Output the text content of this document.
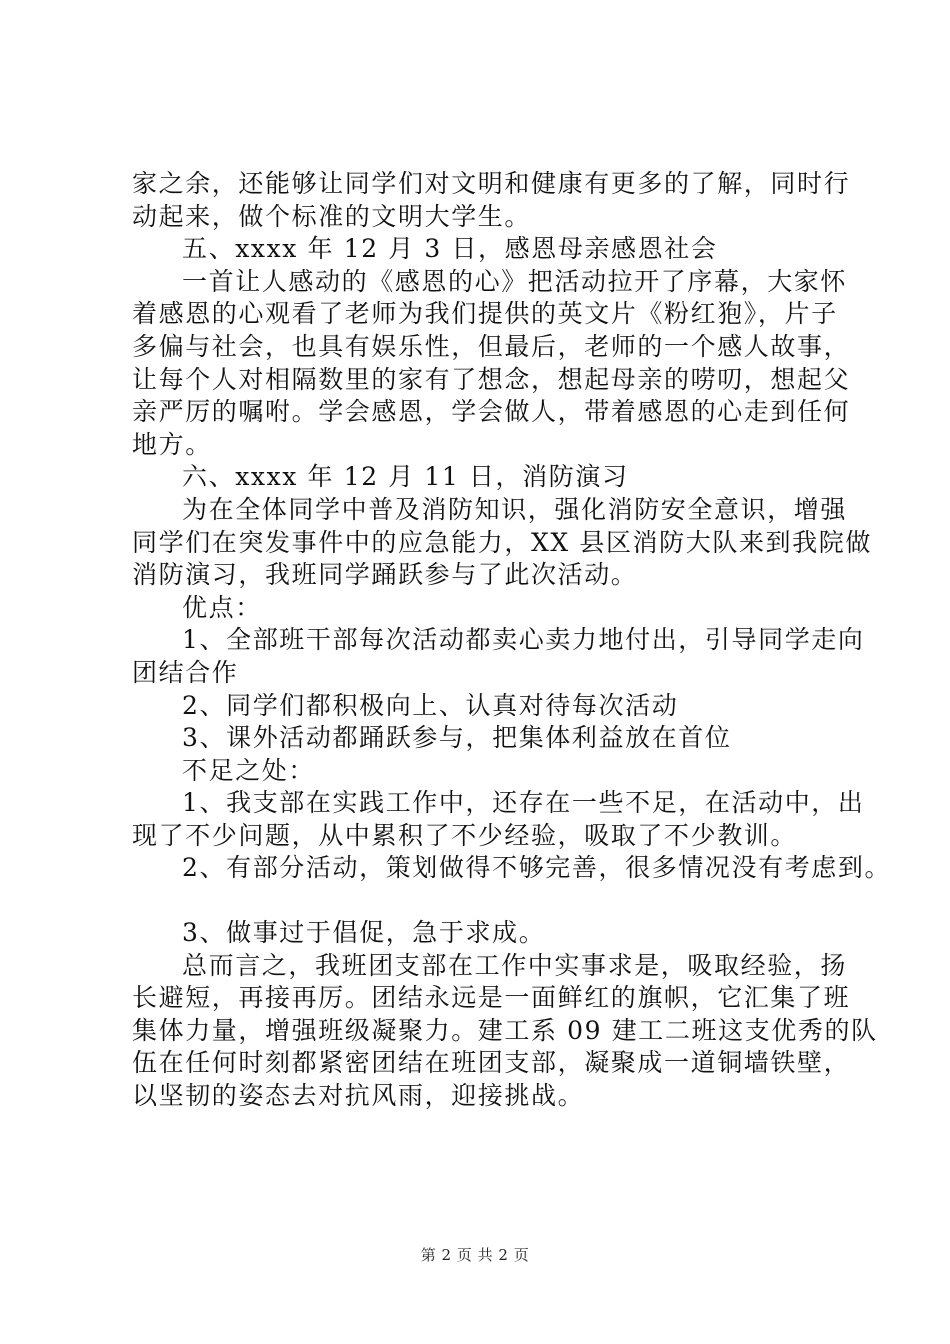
家之余，还能够让同学们对文明和健康有更多的了解，同时行
动起来，做个标准的文明大学生。
五、xxxx 年 12 月 3 日，感恩母亲感恩社会
一首让人感动的《感恩的心》把活动拉开了序幕，大家怀
着感恩的心观看了老师为我们提供的英文片《粉红狍》，片子
多偏与社会，也具有娱乐性，但最后，老师的一个感人故事，
让每个人对相隔数里的家有了想念，想起母亲的唠叨，想起父
亲严厉的嘱咐。学会感恩，学会做人，带着感恩的心走到任何
地方。
六、xxxx 年 12 月 11 日，消防演习
为在全体同学中普及消防知识，强化消防安全意识，增强
同学们在突发事件中的应急能力，XX 县区消防大队来到我院做
消防演习，我班同学踊跃参与了此次活动。
优点：
1、全部班干部每次活动都卖心卖力地付出，引导同学走向
团结合作
2、同学们都积极向上、认真对待每次活动
3、课外活动都踊跃参与，把集体利益放在首位
不足之处：
1、我支部在实践工作中，还存在一些不足，在活动中，出
现了不少问题，从中累积了不少经验，吸取了不少教训。
2、有部分活动，策划做得不够完善，很多情况没有考虑到。
3、做事过于倡促，急于求成。
总而言之，我班团支部在工作中实事求是，吸取经验，扬
长避短，再接再厉。团结永远是一面鲜红的旗帜，它汇集了班
集体力量，增强班级凝聚力。建工系 09 建工二班这支优秀的队
伍在任何时刻都紧密团结在班团支部，凝聚成一道铜墙铁壁，
以坚韧的姿态去对抗风雨，迎接挑战。
第 2 页 共 2 页
